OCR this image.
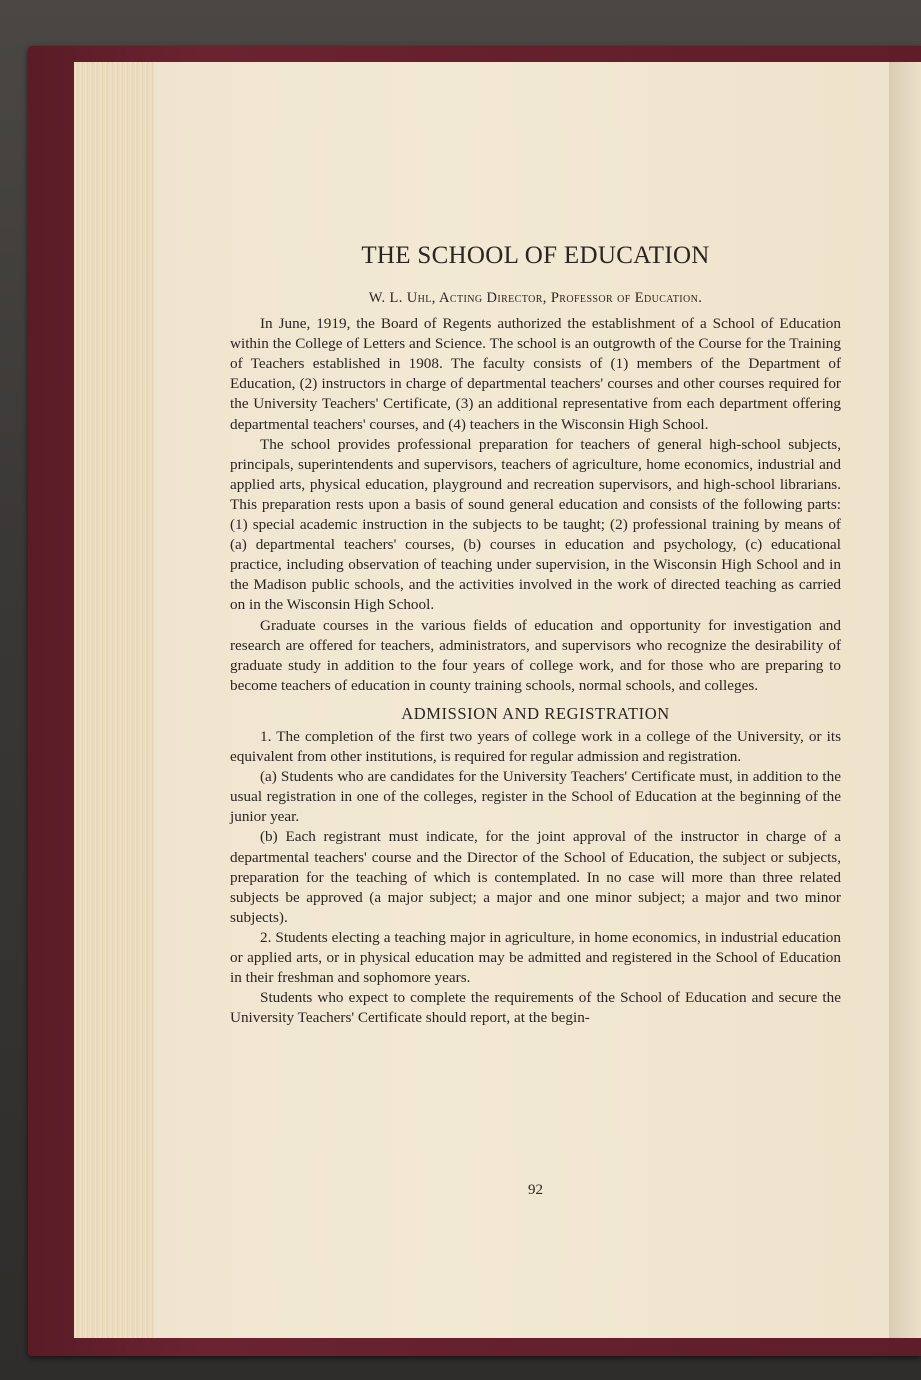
THE SCHOOL OF EDUCATION
W. L. Uhl, Acting Director, Professor of Education.

In June, 1919, the Board of Regents authorized the establishment of a School of Education within the College of Letters and Science. The school is an outgrowth of the Course for the Training of Teachers established in 1908. The faculty consists of (1) members of the Department of Education, (2) instructors in charge of departmental teachers' courses and other courses required for the University Teachers' Certificate, (3) an additional representative from each department offering departmental teachers' courses, and (4) teachers in the Wisconsin High School.

The school provides professional preparation for teachers of general high-school subjects, principals, superintendents and supervisors, teachers of agriculture, home economics, industrial and applied arts, physical education, playground and recreation supervisors, and high-school librarians. This preparation rests upon a basis of sound general education and consists of the following parts: (1) special academic instruction in the subjects to be taught; (2) professional training by means of (a) departmental teachers' courses, (b) courses in education and psychology, (c) educational practice, including observation of teaching under supervision, in the Wisconsin High School and in the Madison public schools, and the activities involved in the work of directed teaching as carried on in the Wisconsin High School.

Graduate courses in the various fields of education and opportunity for investigation and research are offered for teachers, administrators, and supervisors who recognize the desirability of graduate study in addition to the four years of college work, and for those who are preparing to become teachers of education in county training schools, normal schools, and colleges.

ADMISSION AND REGISTRATION

1. The completion of the first two years of college work in a college of the University, or its equivalent from other institutions, is required for regular admission and registration.

(a) Students who are candidates for the University Teachers' Certificate must, in addition to the usual registration in one of the colleges, register in the School of Education at the beginning of the junior year.

(b) Each registrant must indicate, for the joint approval of the instructor in charge of a departmental teachers' course and the Director of the School of Education, the subject or subjects, preparation for the teaching of which is contemplated. In no case will more than three related subjects be approved (a major subject; a major and one minor subject; a major and two minor subjects).

2. Students electing a teaching major in agriculture, in home economics, in industrial education or applied arts, or in physical education may be admitted and registered in the School of Education in their freshman and sophomore years.

Students who expect to complete the requirements of the School of Education and secure the University Teachers' Certificate should report, at the begin-

92
